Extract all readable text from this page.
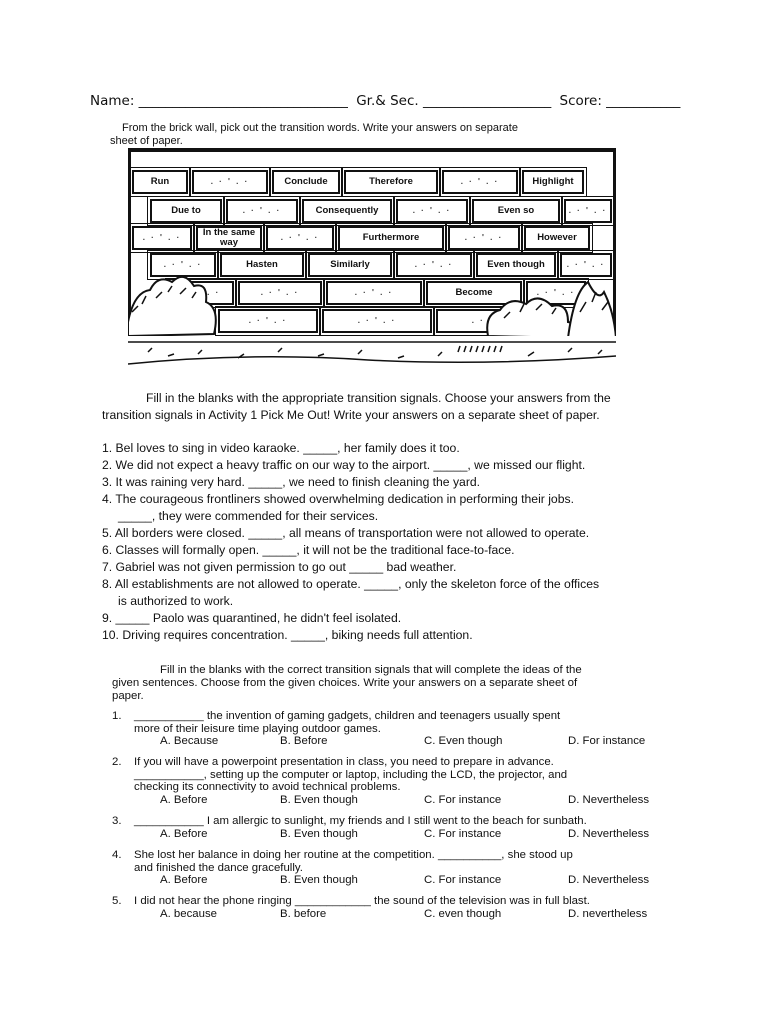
Name: _______________________________ Gr.& Sec. ___________________ Score: ___________
From the brick wall, pick out the transition words. Write your answers on separate
sheet of paper.
Run . · ' . ·	Conclude	Therefore . · ' . ·	Highlight
Due to . · ' . ·	Consequently . · ' . ·	Even so
. · ' . ·
. · ' . ·
In the same way . · ' . ·	Furthermore . · ' . ·	However
. · ' . ·
Hasten	Similarly . · ' . ·	Even though
. · ' . ·
. · ' . ·
. · ' . ·
. · ' . ·
Become
. · ' . ·
. · ' . ·
. · ' . ·
. · ' . ·
Fill in the blanks with the appropriate transition signals. Choose your answers from the
transition signals in Activity 1 Pick Me Out! Write your answers on a separate sheet of paper.
1. Bel loves to sing in video karaoke. _____, her family does it too.
2. We did not expect a heavy traffic on our way to the airport. _____, we missed our flight.
3. It was raining very hard. _____, we need to finish cleaning the yard.
4. The courageous frontliners showed overwhelming dedication in performing their jobs.
_____, they were commended for their services.
5. All borders were closed. _____, all means of transportation were not allowed to operate.
6. Classes will formally open. _____, it will not be the traditional face-to-face.
7. Gabriel was not given permission to go out _____ bad weather.
8. All establishments are not allowed to operate. _____, only the skeleton force of the offices
is authorized to work.
9. _____ Paolo was quarantined, he didn't feel isolated.
10. Driving requires concentration. _____, biking needs full attention.
Fill in the blanks with the correct transition signals that will complete the ideas of the
given sentences. Choose from the given choices. Write your answers on a separate sheet of
paper.
1.	___________ the invention of gaming gadgets, children and teenagers usually spent
more of their leisure time playing outdoor games.
A. Because	B. Before	C. Even though	D. For instance
2.	If you will have a powerpoint presentation in class, you need to prepare in advance.
___________, setting up the computer or laptop, including the LCD, the projector, and
checking its connectivity to avoid technical problems.
A. Before	B. Even though	C. For instance	D. Nevertheless
3.	___________ I am allergic to sunlight, my friends and I still went to the beach for sunbath.
A. Before	B. Even though	C. For instance	D. Nevertheless
4.	She lost her balance in doing her routine at the competition. __________, she stood up
and finished the dance gracefully.
A. Before	B. Even though	C. For instance	D. Nevertheless
5.	I did not hear the phone ringing ____________ the sound of the television was in full blast.
A. because	B. before	C. even though	D. nevertheless
